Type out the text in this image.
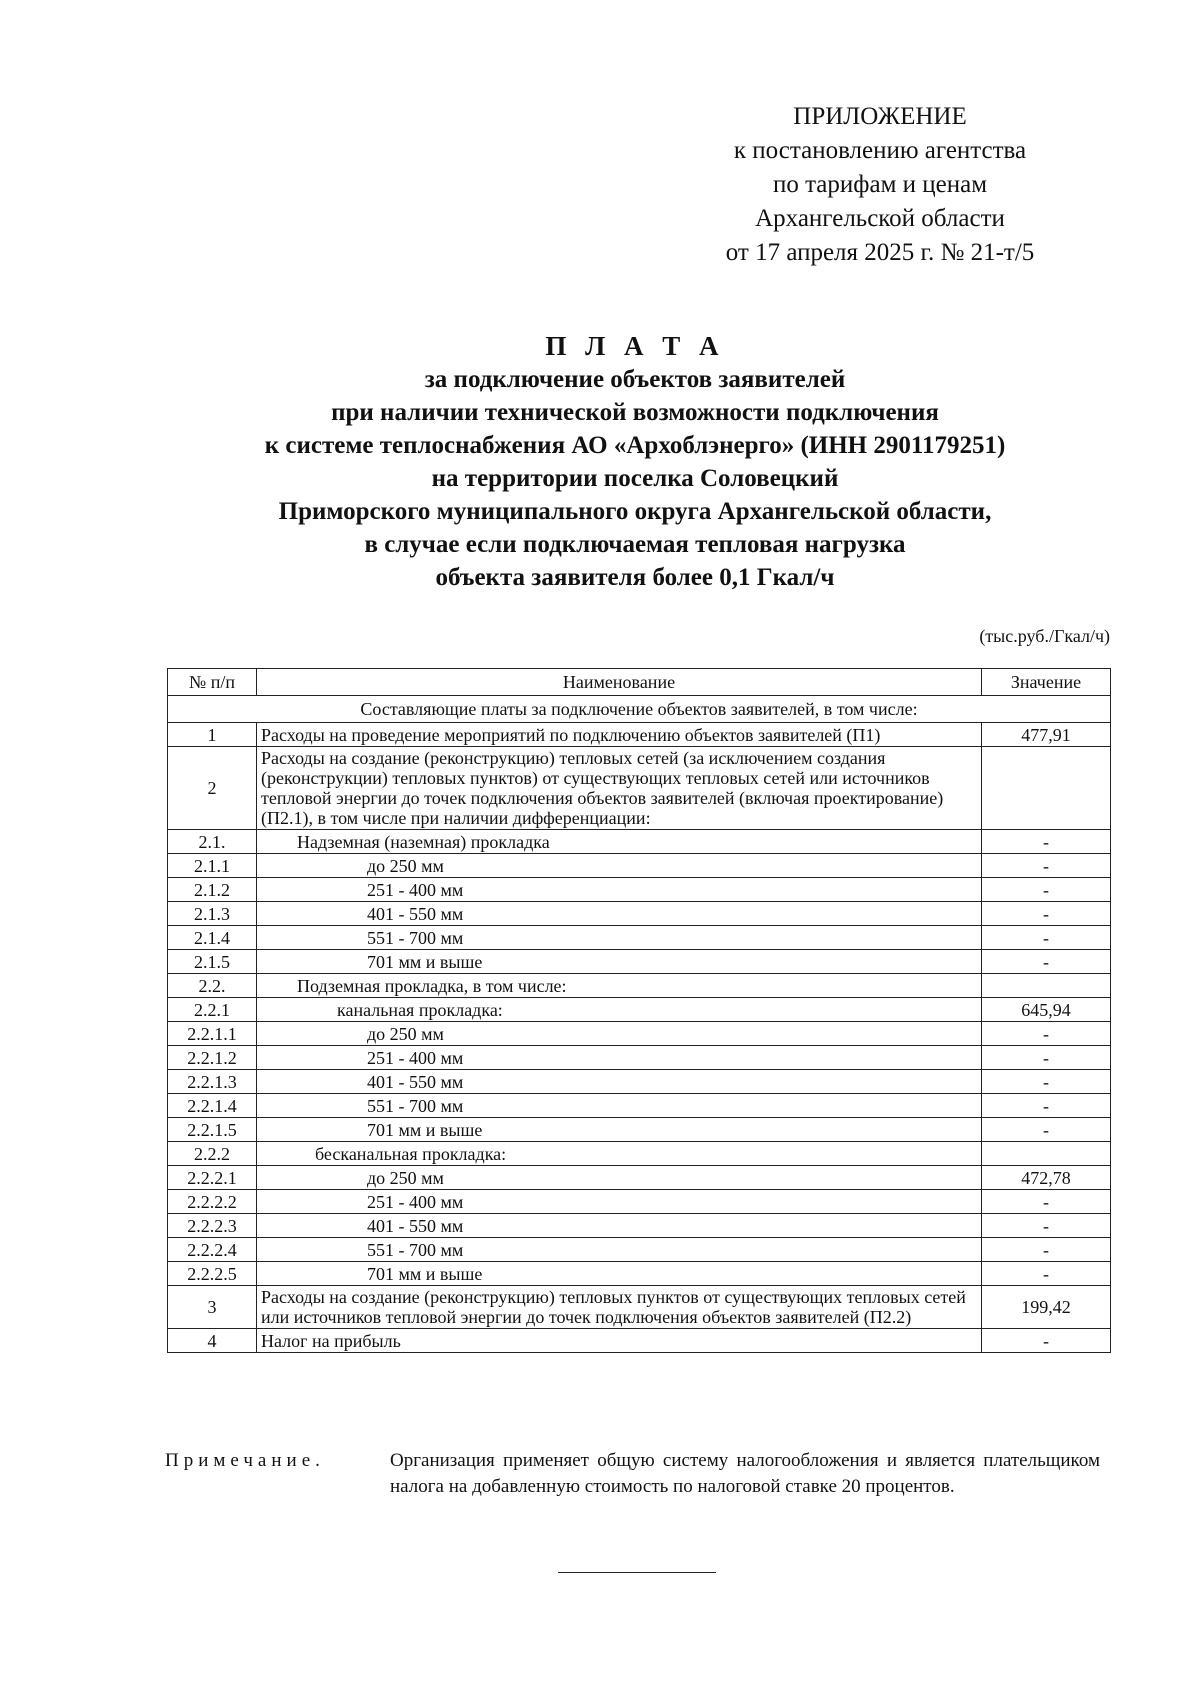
ПРИЛОЖЕНИЕ
к постановлению агентства
по тарифам и ценам
Архангельской области
от 17 апреля 2025 г. № 21-т/5
П Л А Т А
за подключение объектов заявителей
при наличии технической возможности подключения
к системе теплоснабжения АО «Архоблэнерго» (ИНН 2901179251)
на территории поселка Соловецкий
Приморского муниципального округа Архангельской области,
в случае если подключаемая тепловая нагрузка
объекта заявителя более 0,1 Гкал/ч
(тыс.руб./Гкал/ч)
№ п/п	Наименование	Значение
Составляющие платы за подключение объектов заявителей, в том числе:		
1	Расходы на проведение мероприятий по подключению объектов заявителей (П1)	477,91
2	Расходы на создание (реконструкцию) тепловых сетей (за исключением создания (реконструкции) тепловых пунктов) от существующих тепловых сетей или источников тепловой энергии до точек подключения объектов заявителей (включая проектирование) (П2.1), в том числе при наличии дифференциации:	
2.1.	Надземная (наземная) прокладка	-
2.1.1	до 250 мм	-
2.1.2	251 - 400 мм	-
2.1.3	401 - 550 мм	-
2.1.4	551 - 700 мм	-
2.1.5	701 мм и выше	-
2.2.	Подземная прокладка, в том числе:	
2.2.1	канальная прокладка:	645,94
2.2.1.1	до 250 мм	-
2.2.1.2	251 - 400 мм	-
2.2.1.3	401 - 550 мм	-
2.2.1.4	551 - 700 мм	-
2.2.1.5	701 мм и выше	-
2.2.2	бесканальная прокладка:	
2.2.2.1	до 250 мм	472,78
2.2.2.2	251 - 400 мм	-
2.2.2.3	401 - 550 мм	-
2.2.2.4	551 - 700 мм	-
2.2.2.5	701 мм и выше	-
3	Расходы на создание (реконструкцию) тепловых пунктов от существующих тепловых сетей или источников тепловой энергии до точек подключения объектов заявителей (П2.2)	199,42
4	Налог на прибыль	-
Примечание.	Организация применяет общую систему налогообложения и является плательщиком налога на добавленную стоимость по налоговой ставке 20 процентов.
